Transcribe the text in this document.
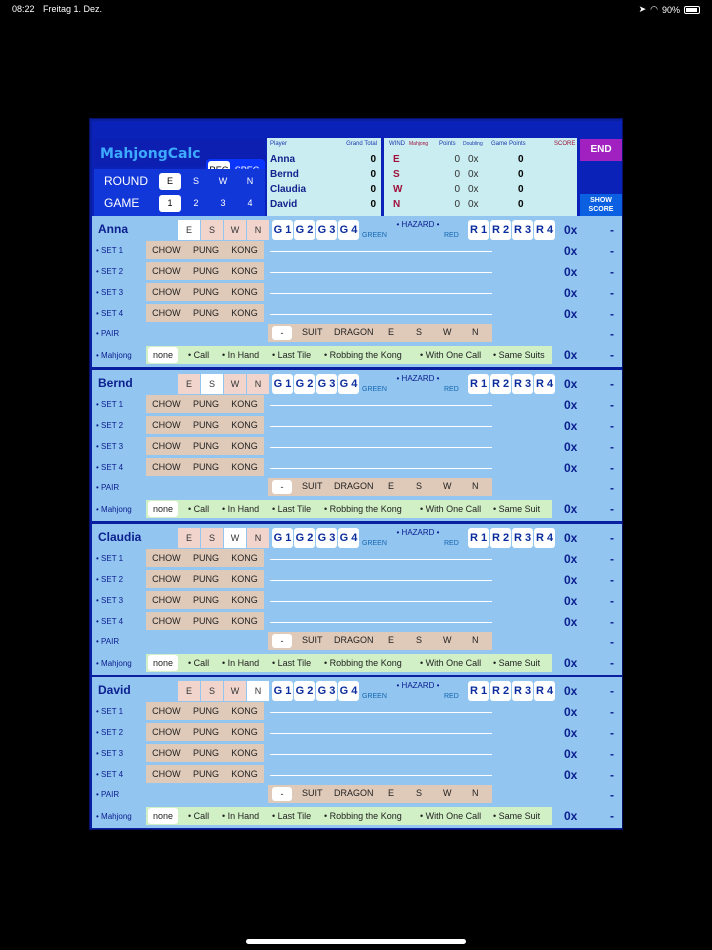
08:22 Freitag 1. Dez.	➤ ◠ 90%
MahjongCalc
ROUND
GAME
E	S	W	N
1	2	3	4
Player	Grand Total
Anna	0
Bernd	0
Claudia	0
David	0
WIND Mahjong Points Doubling Game Points	SCORE
E	0 0x	0
S	0 0x	0
W	0 0x	0
N	0 0x	0
END
SHOW
SCORE
Anna	E	S	W	N	G 1 G 2 G 3 G 4	• HAZARD •
GREEN	RED R 1 R 2 R 3 R 4 0x	-
• SET 1	CHOW PUNG KONG	0x	-
• SET 2	CHOW PUNG KONG	0x	-
• SET 3	CHOW PUNG KONG	0x	-
• SET 4	CHOW PUNG KONG	0x	-
• PAIR	-	SUIT DRAGON E S W N	-
• Mahjong	none	• Call • In Hand • Last Tile • Robbing the Kong • With One Call • Same Suits 0x	-
Bernd	E	S	W	N	G 1 G 2 G 3 G 4	• HAZARD •
GREEN	RED R 1 R 2 R 3 R 4 0x	-
• SET 1	CHOW PUNG KONG	0x	-
• SET 2	CHOW PUNG KONG	0x	-
• SET 3	CHOW PUNG KONG	0x	-
• SET 4	CHOW PUNG KONG	0x	-
• PAIR	-	SUIT DRAGON E S W N	-
• Mahjong	none	• Call • In Hand • Last Tile • Robbing the Kong • With One Call • Same Suit 0x	-
Claudia	E	S	W	N	G 1 G 2 G 3 G 4	• HAZARD •
GREEN	RED R 1 R 2 R 3 R 4 0x	-
• SET 1	CHOW PUNG KONG	0x	-
• SET 2	CHOW PUNG KONG	0x	-
• SET 3	CHOW PUNG KONG	0x	-
• SET 4	CHOW PUNG KONG	0x	-
• PAIR	-	SUIT DRAGON E S W N	-
• Mahjong	none	• Call • In Hand • Last Tile • Robbing the Kong • With One Call • Same Suit 0x	-
David	E	S	W	N	G 1 G 2 G 3 G 4	• HAZARD •
GREEN	RED R 1 R 2 R 3 R 4 0x	-
• SET 1	CHOW PUNG KONG	0x	-
• SET 2	CHOW PUNG KONG	0x	-
• SET 3	CHOW PUNG KONG	0x	-
• SET 4	CHOW PUNG KONG	0x	-
• PAIR	-	SUIT DRAGON E S W N	-
• Mahjong	none	• Call • In Hand • Last Tile • Robbing the Kong • With One Call • Same Suit 0x	-
